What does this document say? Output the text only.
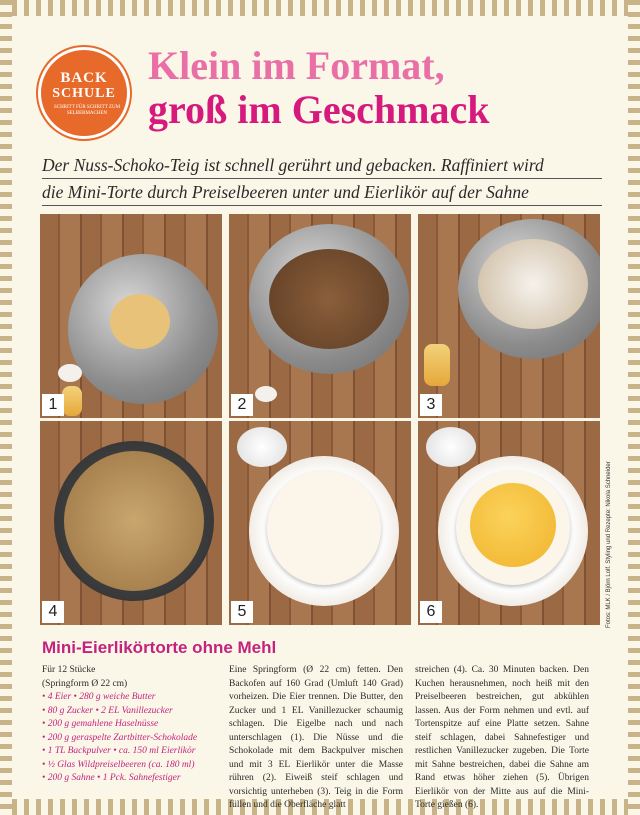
BACK
SCHULE
SCHRITT FÜR SCHRITT ZUM SELBERMACHEN
Klein im Format,
groß im Geschmack
Der Nuss-Schoko-Teig ist schnell gerührt und gebacken. Raffiniert wird
die Mini-Torte durch Preiselbeeren unter und Eierlikör auf der Sahne
1	2	3
4	5	6	Fotos: MLK / Björn Lolf. Styling und Rezepte: Nikola Schneider
Mini-Eierlikörtorte ohne Mehl
Für 12 Stücke
(Springform Ø 22 cm)
• 4 Eier • 280 g weiche Butter
• 80 g Zucker • 2 EL Vanillezucker
• 200 g gemahlene Haselnüsse
• 200 g geraspelte Zartbitter-Schokolade
• 1 TL Backpulver • ca. 150 ml Eierlikör
• ½ Glas Wildpreiselbeeren (ca. 180 ml)
• 200 g Sahne • 1 Pck. Sahnefestiger

Eine Springform (Ø 22 cm) fetten. Den Backofen auf 160 Grad (Umluft 140 Grad) vorheizen. Die Eier trennen. Die Butter, den Zucker und 1 EL Vanillezucker schaumig schlagen. Die Eigelbe nach und nach unterschlagen (1). Die Nüsse und die Schokolade mit dem Backpulver mischen und mit 3 EL Eierlikör unter die Masse rühren (2). Eiweiß steif schlagen und vorsichtig unterheben (3). Teig in die Form füllen und die Oberfläche glatt

streichen (4). Ca. 30 Minuten backen. Den Kuchen herausnehmen, noch heiß mit den Preiselbeeren bestreichen, gut abkühlen lassen. Aus der Form nehmen und evtl. auf Tortenspitze auf eine Platte setzen. Sahne steif schlagen, dabei Sahnefestiger und restlichen Vanillezucker zugeben. Die Torte mit Sahne bestreichen, dabei die Sahne am Rand etwas höher ziehen (5). Übrigen Eierlikör von der Mitte aus auf die Mini-Torte gießen (6).
